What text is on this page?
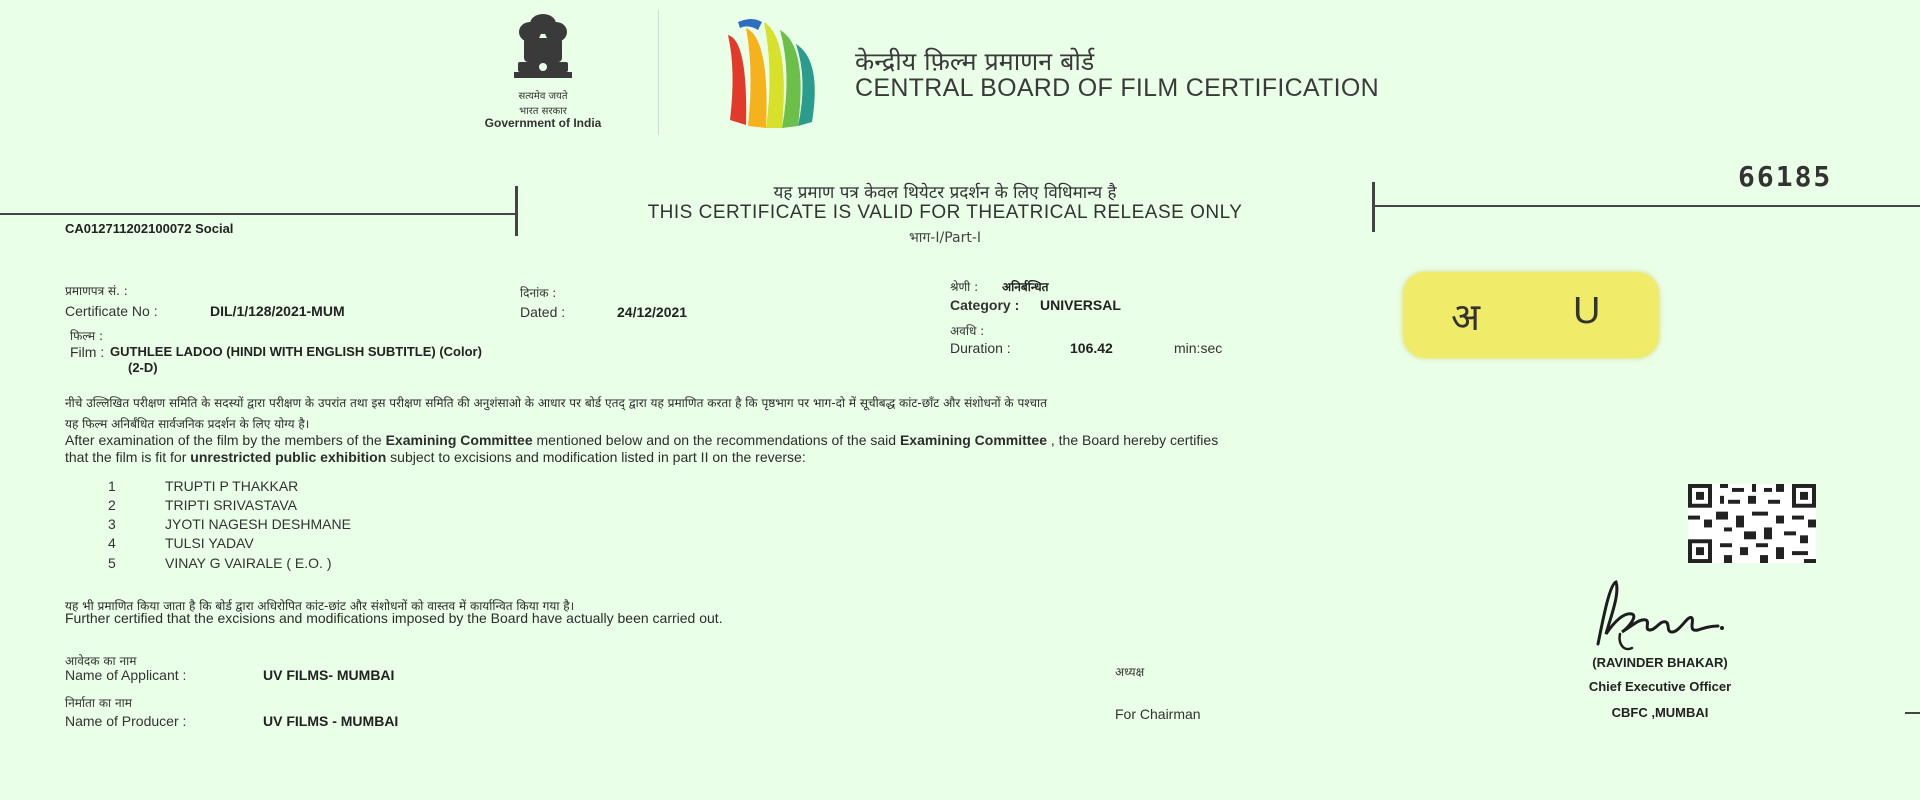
सत्यमेव जयते
भारत सरकार
Government of India
केन्द्रीय फ़िल्म प्रमाणन बोर्ड
CENTRAL BOARD OF FILM CERTIFICATION
66185
यह प्रमाण पत्र केवल थियेटर प्रदर्शन के लिए विधिमान्य है
THIS CERTIFICATE IS VALID FOR THEATRICAL RELEASE ONLY
भाग-I/Part-I
CA012711202100072 Social
प्रमाणपत्र सं. :
Certificate No :	DIL/1/128/2021-MUM
दिनांक :
Dated :	24/12/2021
श्रेणी : अनिर्बन्धित
Category : UNIVERSAL
अवधि :
Duration :	106.42	min:sec
फिल्म :
Film : GUTHLEE LADOO (HINDI WITH ENGLISH SUBTITLE) (Color)
(2-D)
अ U
नीचे उल्लिखित परीक्षण समिति के सदस्यों द्वारा परीक्षण के उपरांत तथा इस परीक्षण समिति की अनुशंसाओ के आधार पर बोर्ड एतद् द्वारा यह प्रमाणित करता है कि पृष्ठभाग पर भाग-दो में सूचीबद्ध कांट-छाँट और संशोधनों के पश्चात
यह फिल्म अनिर्बंधित सार्वजनिक प्रदर्शन के लिए योग्य है।
After examination of the film by the members of the Examining Committee mentioned below and on the recommendations of the said Examining Committee , the Board hereby certifies
that the film is fit for unrestricted public exhibition subject to excisions and modification listed in part II on the reverse:
1	TRUPTI P THAKKAR
2	TRIPTI SRIVASTAVA
3	JYOTI NAGESH DESHMANE
4	TULSI YADAV
5	VINAY G VAIRALE ( E.O. )
यह भी प्रमाणित किया जाता है कि बोर्ड द्वारा अधिरोपित कांट-छांट और संशोधनों को वास्तव में कार्यान्वित किया गया है।
Further certified that the excisions and modifications imposed by the Board have actually been carried out.
आवेदक का नाम
Name of Applicant :	UV FILMS- MUMBAI
निर्माता का नाम
Name of Producer :	UV FILMS - MUMBAI
अध्यक्ष
For Chairman
(RAVINDER BHAKAR)
Chief Executive Officer
CBFC ,MUMBAI
